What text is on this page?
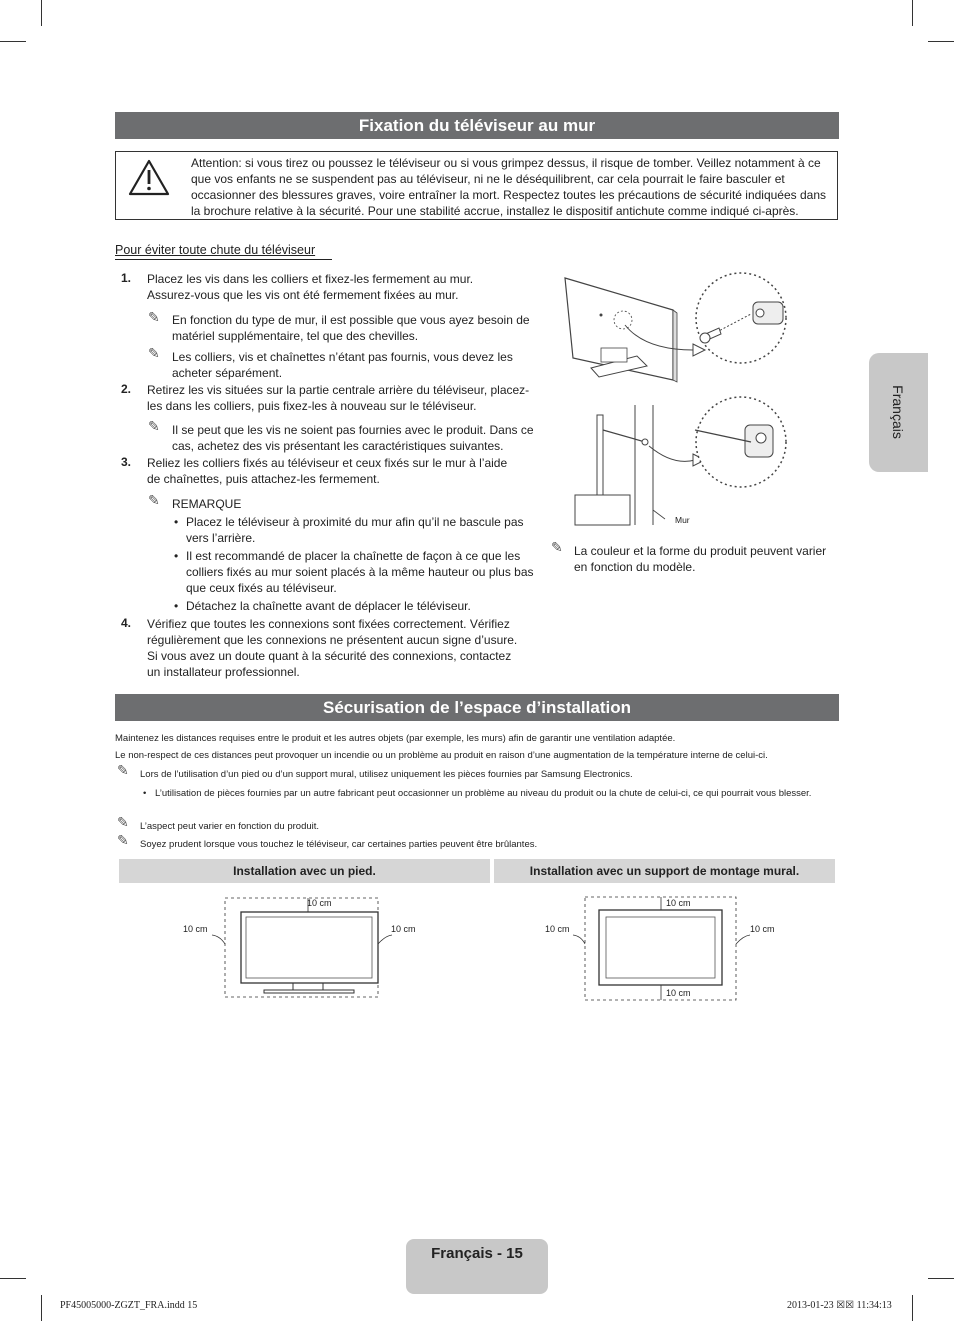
Français
Fixation du téléviseur au mur
Attention: si vous tirez ou poussez le téléviseur ou si vous grimpez dessus, il risque de tomber. Veillez notamment à ce que vos enfants ne se suspendent pas au téléviseur, ni ne le déséquilibrent, car cela pourrait le faire basculer et occasionner des blessures graves, voire entraîner la mort. Respectez toutes les précautions de sécurité indiquées dans la brochure relative à la sécurité. Pour une stabilité accrue, installez le dispositif antichute comme indiqué ci-après.
Pour éviter toute chute du téléviseur
1. Placez les vis dans les colliers et fixez-les fermement au mur. Assurez-vous que les vis ont été fermement fixées au mur.
✎ En fonction du type de mur, il est possible que vous ayez besoin de matériel supplémentaire, tel que des chevilles.
✎ Les colliers, vis et chaînettes n’étant pas fournis, vous devez les acheter séparément.
2. Retirez les vis situées sur la partie centrale arrière du téléviseur, placez-les dans les colliers, puis fixez-les à nouveau sur le téléviseur.
✎ Il se peut que les vis ne soient pas fournies avec le produit. Dans ce cas, achetez des vis présentant les caractéristiques suivantes.
3. Reliez les colliers fixés au téléviseur et ceux fixés sur le mur à l’aide de chaînettes, puis attachez-les fermement.
✎ REMARQUE
• Placez le téléviseur à proximité du mur afin qu’il ne bascule pas vers l’arrière.
• Il est recommandé de placer la chaînette de façon à ce que les colliers fixés au mur soient placés à la même hauteur ou plus bas que ceux fixés au téléviseur.
• Détachez la chaînette avant de déplacer le téléviseur.
4. Vérifiez que toutes les connexions sont fixées correctement. Vérifiez régulièrement que les connexions ne présentent aucun signe d’usure. Si vous avez un doute quant à la sécurité des connexions, contactez un installateur professionnel.
Mur
✎ La couleur et la forme du produit peuvent varier en fonction du modèle.
Sécurisation de l’espace d’installation
Maintenez les distances requises entre le produit et les autres objets (par exemple, les murs) afin de garantir une ventilation adaptée.
Le non-respect de ces distances peut provoquer un incendie ou un problème au produit en raison d’une augmentation de la température interne de celui-ci.
✎ Lors de l’utilisation d’un pied ou d’un support mural, utilisez uniquement les pièces fournies par Samsung Electronics.
• L’utilisation de pièces fournies par un autre fabricant peut occasionner un problème au niveau du produit ou la chute de celui-ci, ce qui pourrait vous blesser.
✎ L’aspect peut varier en fonction du produit.
✎ Soyez prudent lorsque vous touchez le téléviseur, car certaines parties peuvent être brûlantes.
Installation avec un pied.	Installation avec un support de montage mural.
10 cm
10 cm	10 cm
10 cm
10 cm	10 cm
10 cm
Français - 15
PF45005000-ZGZT_FRA.indd 15	2013-01-23 ☒☒ 11:34:13
